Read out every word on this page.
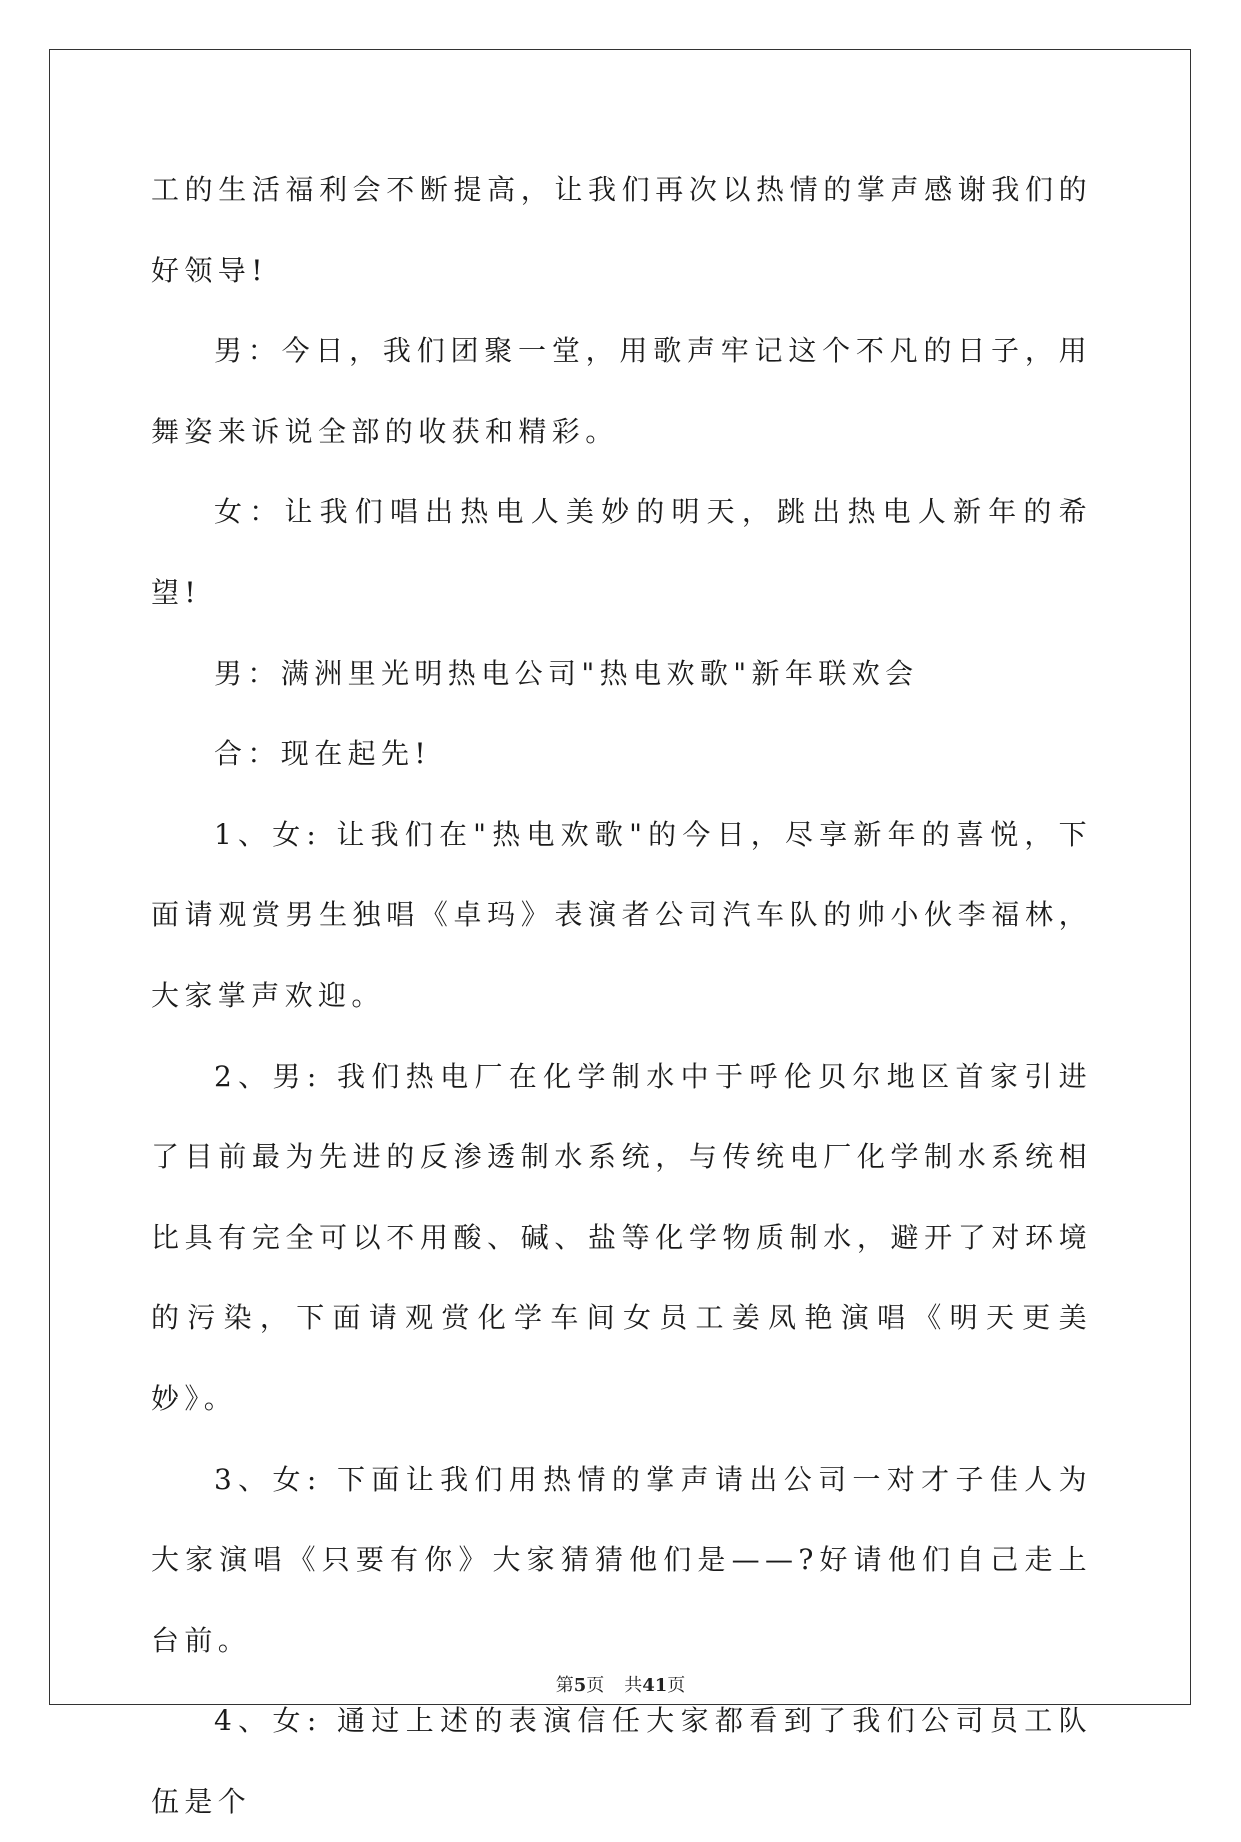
工的生活福利会不断提高，让我们再次以热情的掌声感谢我们的好领导!

男：今日，我们团聚一堂，用歌声牢记这个不凡的日子，用舞姿来诉说全部的收获和精彩。

女：让我们唱出热电人美妙的明天，跳出热电人新年的希望!

男：满洲里光明热电公司"热电欢歌"新年联欢会

合：现在起先!

1、女: 让我们在"热电欢歌"的今日，尽享新年的喜悦，下面请观赏男生独唱《卓玛》表演者公司汽车队的帅小伙李福林，大家掌声欢迎。

2、男: 我们热电厂在化学制水中于呼伦贝尔地区首家引进了目前最为先进的反渗透制水系统，与传统电厂化学制水系统相比具有完全可以不用酸、碱、盐等化学物质制水，避开了对环境的污染，下面请观赏化学车间女员工姜凤艳演唱《明天更美妙》。

3、女: 下面让我们用热情的掌声请出公司一对才子佳人为大家演唱《只要有你》大家猜猜他们是——?好请他们自己走上台前。

4、女: 通过上述的表演信任大家都看到了我们公司员工队伍是个

第5页 共41页
